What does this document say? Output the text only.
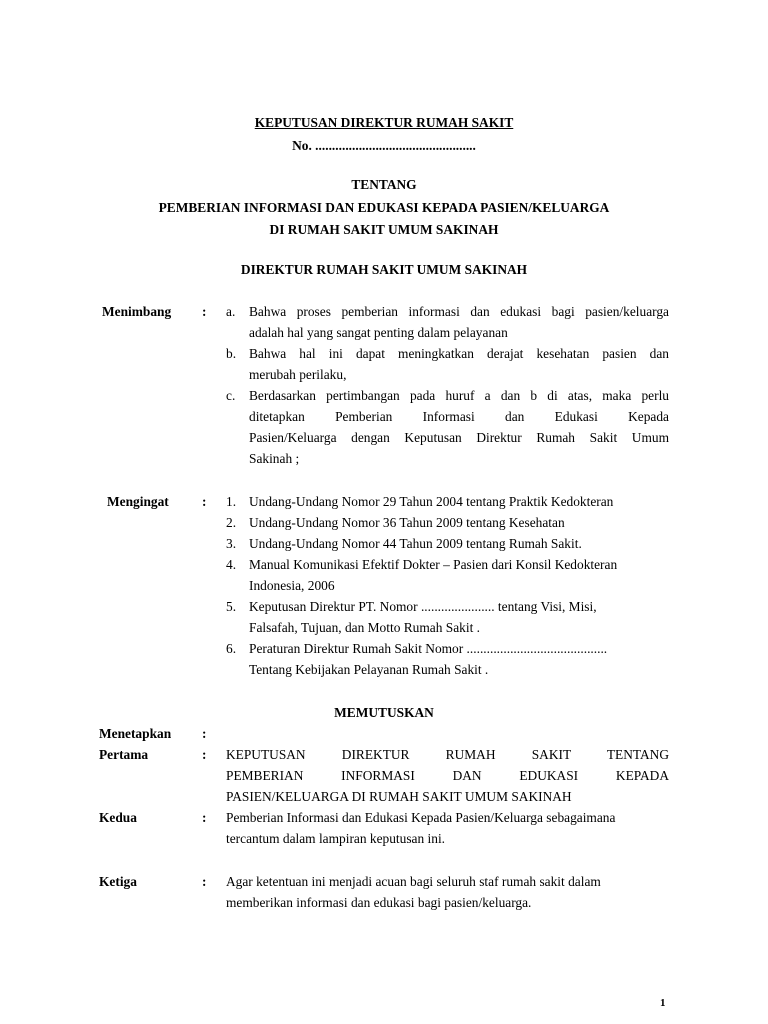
KEPUTUSAN DIREKTUR RUMAH SAKIT
No. ................................................
TENTANG
PEMBERIAN INFORMASI DAN EDUKASI KEPADA PASIEN/KELUARGA
DI RUMAH SAKIT UMUM SAKINAH
DIREKTUR RUMAH SAKIT UMUM SAKINAH
Menimbang : a. Bahwa proses pemberian informasi dan edukasi bagi pasien/keluarga
adalah hal yang sangat penting dalam pelayanan
b. Bahwa hal ini dapat meningkatkan derajat kesehatan pasien dan
merubah perilaku,
c. Berdasarkan pertimbangan pada huruf a dan b di atas, maka perlu
ditetapkan Pemberian Informasi dan Edukasi Kepada
Pasien/Keluarga dengan Keputusan Direktur Rumah Sakit Umum
Sakinah ;
Mengingat : 1. Undang-Undang Nomor 29 Tahun 2004 tentang Praktik Kedokteran
2. Undang-Undang Nomor 36 Tahun 2009 tentang Kesehatan
3. Undang-Undang Nomor 44 Tahun 2009 tentang Rumah Sakit.
4. Manual Komunikasi Efektif Dokter – Pasien dari Konsil Kedokteran
Indonesia, 2006
5. Keputusan Direktur PT. Nomor ...................... tentang Visi, Misi,
Falsafah, Tujuan, dan Motto Rumah Sakit .
6. Peraturan Direktur Rumah Sakit Nomor ..........................................
Tentang Kebijakan Pelayanan Rumah Sakit .
MEMUTUSKAN
Menetapkan :
Pertama	: KEPUTUSAN DIREKTUR RUMAH SAKIT TENTANG
PEMBERIAN INFORMASI DAN EDUKASI KEPADA
PASIEN/KELUARGA DI RUMAH SAKIT UMUM SAKINAH
Kedua	: Pemberian Informasi dan Edukasi Kepada Pasien/Keluarga sebagaimana
tercantum dalam lampiran keputusan ini.
Ketiga	: Agar ketentuan ini menjadi acuan bagi seluruh staf rumah sakit dalam
memberikan informasi dan edukasi bagi pasien/keluarga.
1
